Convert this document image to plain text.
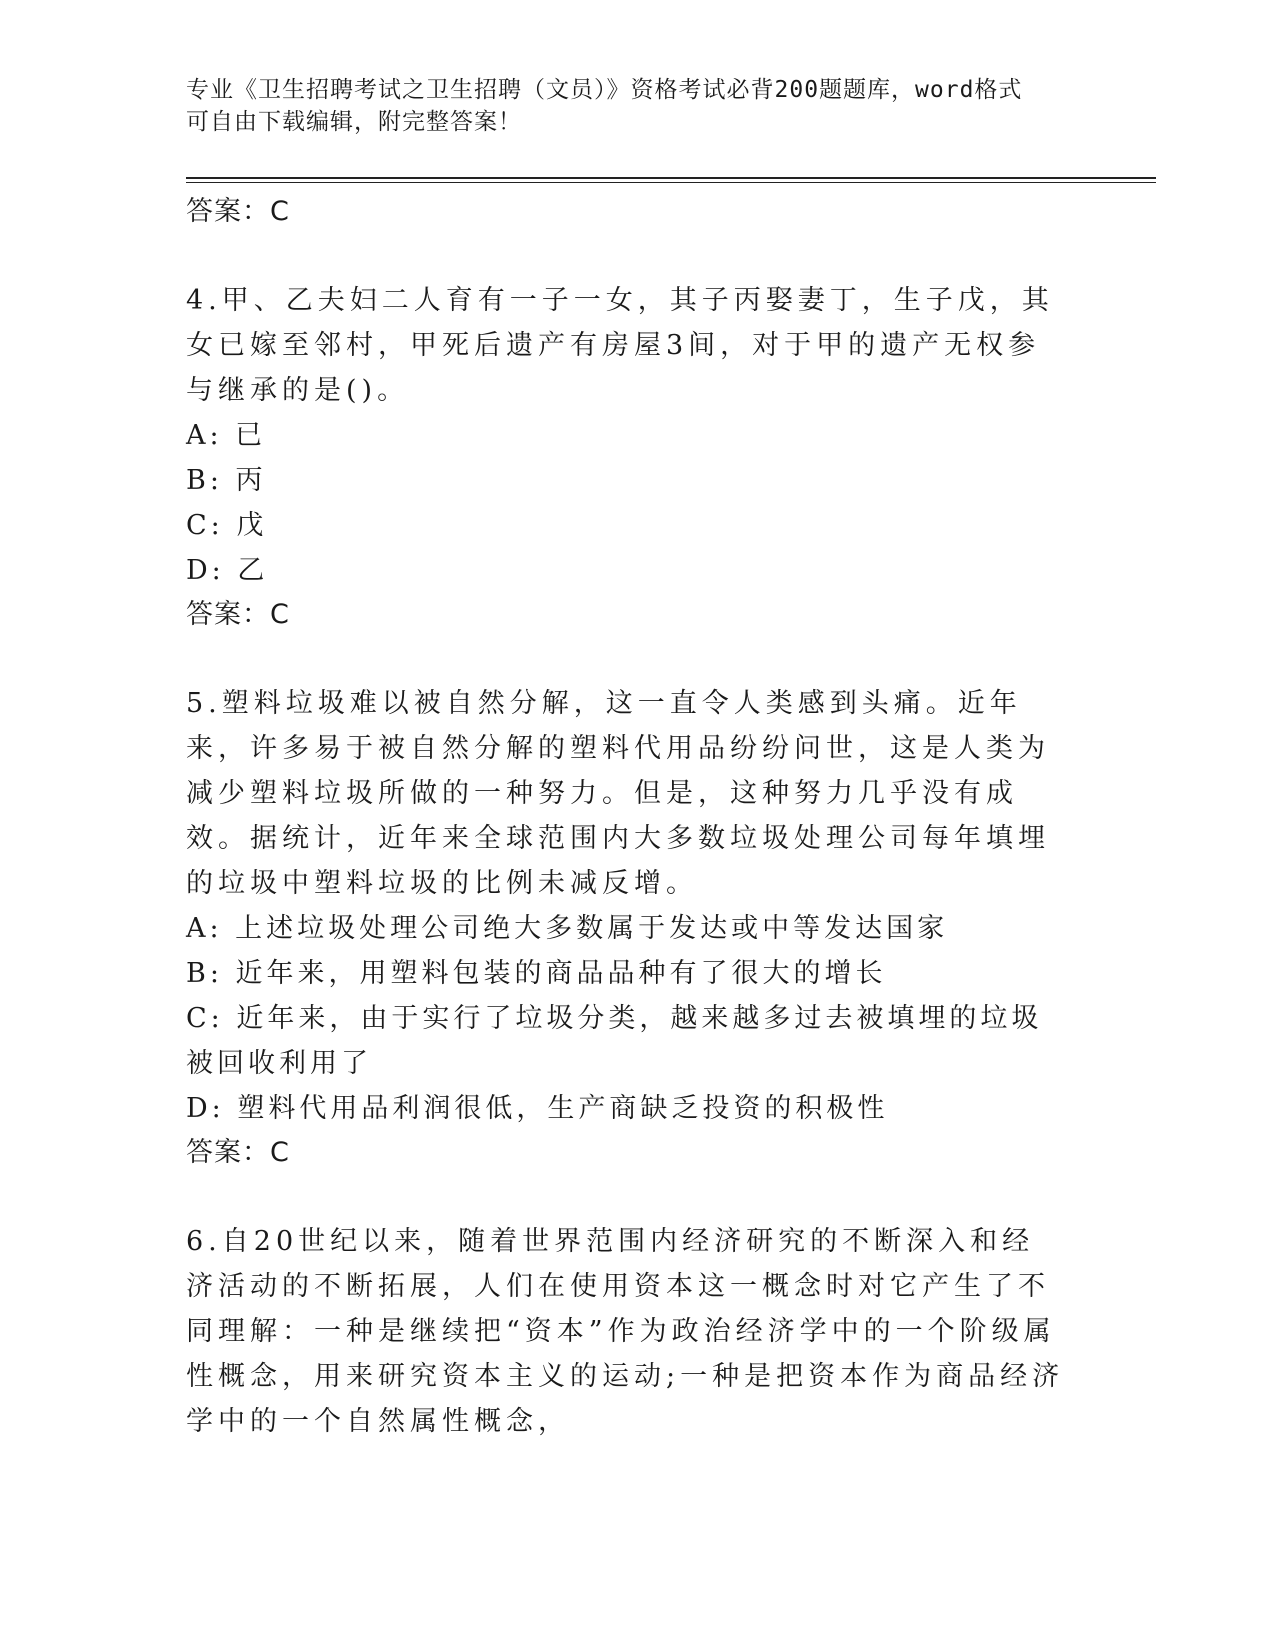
专业《卫生招聘考试之卫生招聘（文员）》资格考试必背200题题库，word格式
可自由下载编辑，附完整答案！

答案：C

4.甲、乙夫妇二人育有一子一女，其子丙娶妻丁，生子戊，其女已嫁至邻村，甲死后遗产有房屋3间，对于甲的遗产无权参与继承的是()。

A: 已

B: 丙

C: 戊

D: 乙

答案：C

5.塑料垃圾难以被自然分解，这一直令人类感到头痛。近年来，许多易于被自然分解的塑料代用品纷纷问世，这是人类为减少塑料垃圾所做的一种努力。但是，这种努力几乎没有成效。据统计，近年来全球范围内大多数垃圾处理公司每年填埋的垃圾中塑料垃圾的比例未减反增。

A: 上述垃圾处理公司绝大多数属于发达或中等发达国家

B: 近年来，用塑料包装的商品品种有了很大的增长

C: 近年来，由于实行了垃圾分类，越来越多过去被填埋的垃圾被回收利用了

D: 塑料代用品利润很低，生产商缺乏投资的积极性

答案：C

6.自20世纪以来，随着世界范围内经济研究的不断深入和经济活动的不断拓展，人们在使用资本这一概念时对它产生了不同理解：一种是继续把“资本”作为政治经济学中的一个阶级属性概念，用来研究资本主义的运动;一种是把资本作为商品经济学中的一个自然属性概念，
